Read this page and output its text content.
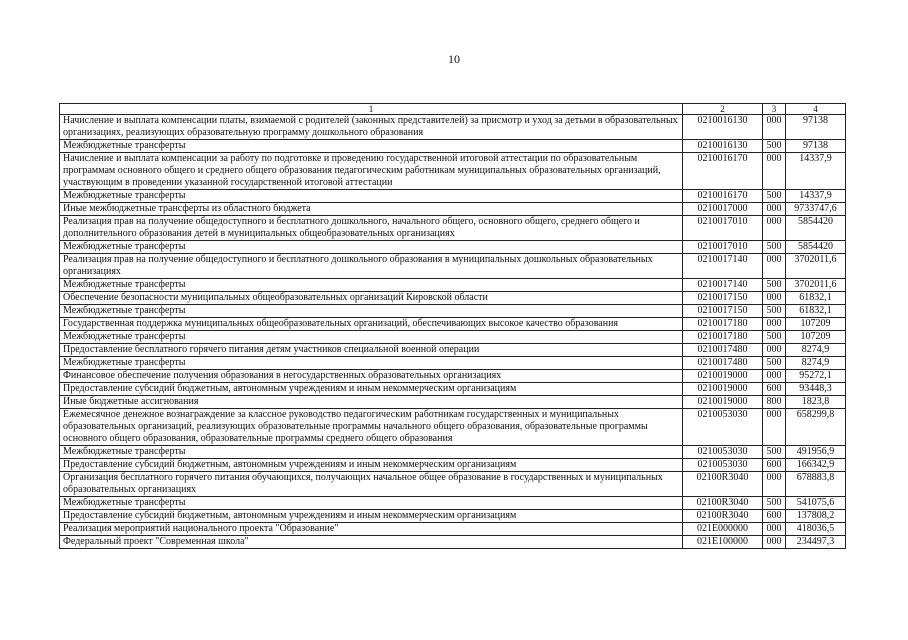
10
1	2	3	4
Начисление и выплата компенсации платы, взимаемой с родителей (законных представителей) за присмотр и уход за детьми в образовательных организациях, реализующих образовательную программу дошкольного образования	0210016130	000	97138
Межбюджетные трансферты	0210016130	500	97138
Начисление и выплата компенсации за работу по подготовке и проведению государственной итоговой аттестации по образовательным программам основного общего и среднего общего образования педагогическим работникам муниципальных образовательных организаций, участвующим в проведении указанной государственной итоговой аттестации	0210016170	000	14337,9
Межбюджетные трансферты	0210016170	500	14337,9
Иные межбюджетные трансферты из областного бюджета	0210017000	000	9733747,6
Реализация прав на получение общедоступного и бесплатного дошкольного, начального общего, основного общего, среднего общего и дополнительного образования детей в муниципальных общеобразовательных организациях	0210017010	000	5854420
Межбюджетные трансферты	0210017010	500	5854420
Реализация прав на получение общедоступного и бесплатного дошкольного образования в муниципальных дошкольных образовательных организациях	0210017140	000	3702011,6
Межбюджетные трансферты	0210017140	500	3702011,6
Обеспечение безопасности муниципальных общеобразовательных организаций Кировской области	0210017150	000	61832,1
Межбюджетные трансферты	0210017150	500	61832,1
Государственная поддержка муниципальных общеобразовательных организаций, обеспечивающих высокое качество образования	0210017180	000	107209
Межбюджетные трансферты	0210017180	500	107209
Предоставление бесплатного горячего питания детям участников специальной военной операции	0210017480	000	8274,9
Межбюджетные трансферты	0210017480	500	8274,9
Финансовое обеспечение получения образования в негосударственных образовательных организациях	0210019000	000	95272,1
Предоставление субсидий бюджетным, автономным учреждениям и иным некоммерческим организациям	0210019000	600	93448,3
Иные бюджетные ассигнования	0210019000	800	1823,8
Ежемесячное денежное вознаграждение за классное руководство педагогическим работникам государственных и муниципальных образовательных организаций, реализующих образовательные программы начального общего образования, образовательные программы основного общего образования, образовательные программы среднего общего образования	0210053030	000	658299,8
Межбюджетные трансферты	0210053030	500	491956,9
Предоставление субсидий бюджетным, автономным учреждениям и иным некоммерческим организациям	0210053030	600	166342,9
Организация бесплатного горячего питания обучающихся, получающих начальное общее образование в государственных и муниципальных образовательных организациях	02100R3040	000	678883,8
Межбюджетные трансферты	02100R3040	500	541075,6
Предоставление субсидий бюджетным, автономным учреждениям и иным некоммерческим организациям	02100R3040	600	137808,2
Реализация мероприятий национального проекта "Образование"	021E000000	000	418036,5
Федеральный проект "Современная школа"	021E100000	000	234497,3
